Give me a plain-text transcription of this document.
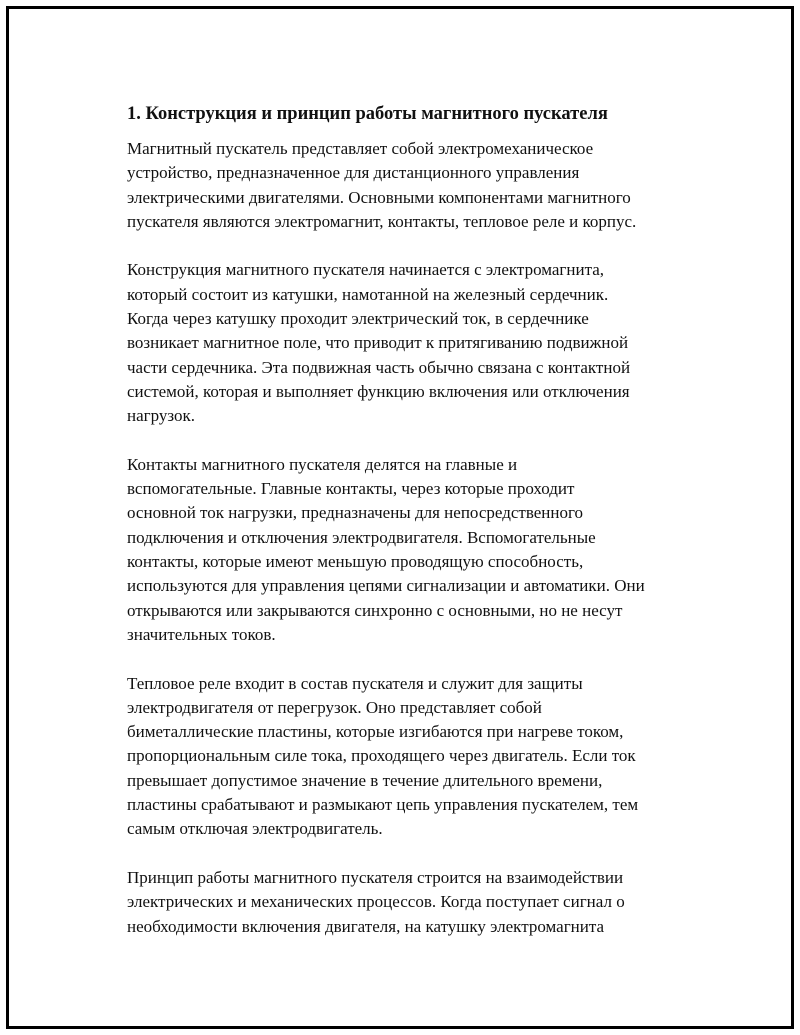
1. Конструкция и принцип работы магнитного пускателя

Магнитный пускатель представляет собой электромеханическое
устройство, предназначенное для дистанционного управления
электрическими двигателями. Основными компонентами магнитного
пускателя являются электромагнит, контакты, тепловое реле и корпус.

Конструкция магнитного пускателя начинается с электромагнита,
который состоит из катушки, намотанной на железный сердечник.
Когда через катушку проходит электрический ток, в сердечнике
возникает магнитное поле, что приводит к притягиванию подвижной
части сердечника. Эта подвижная часть обычно связана с контактной
системой, которая и выполняет функцию включения или отключения
нагрузок.

Контакты магнитного пускателя делятся на главные и
вспомогательные. Главные контакты, через которые проходит
основной ток нагрузки, предназначены для непосредственного
подключения и отключения электродвигателя. Вспомогательные
контакты, которые имеют меньшую проводящую способность,
используются для управления цепями сигнализации и автоматики. Они
открываются или закрываются синхронно с основными, но не несут
значительных токов.

Тепловое реле входит в состав пускателя и служит для защиты
электродвигателя от перегрузок. Оно представляет собой
биметаллические пластины, которые изгибаются при нагреве током,
пропорциональным силе тока, проходящего через двигатель. Если ток
превышает допустимое значение в течение длительного времени,
пластины срабатывают и размыкают цепь управления пускателем, тем
самым отключая электродвигатель.

Принцип работы магнитного пускателя строится на взаимодействии
электрических и механических процессов. Когда поступает сигнал о
необходимости включения двигателя, на катушку электромагнита
